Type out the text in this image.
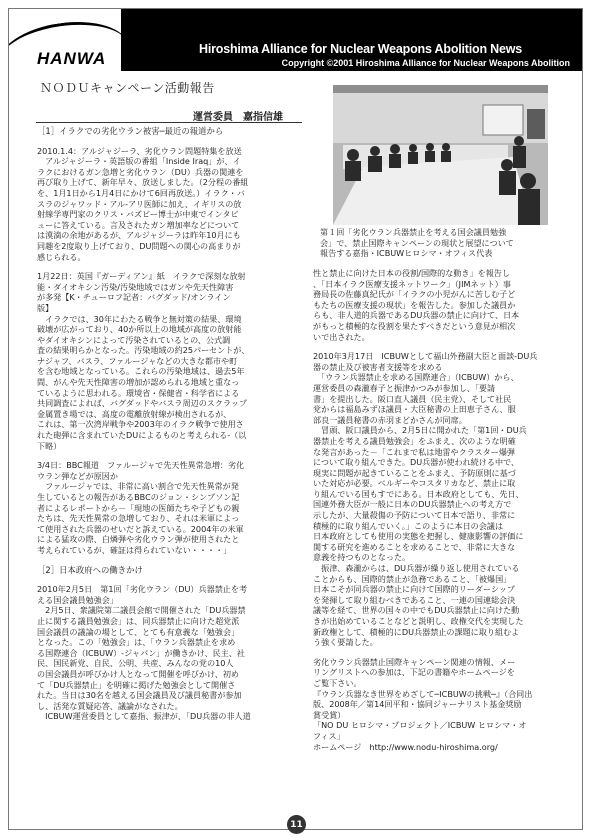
HANWA	Hiroshima Alliance for Nuclear Weapons Abolition News
Copyright ©2001 Hiroshima Alliance for Nuclear Weapons Abolition
ＮＯＤＵキャンペーン活動報告
運営委員　嘉指信雄

［1］イラクでの劣化ウラン被害─最近の報道から

2010.1.4：アルジャジーラ、劣化ウラン問題特集を放送

　アルジャジーラ・英語版の番組「Inside Iraq」が、イ

ラクにおけるガン急増と劣化ウラン（DU）兵器の関連を

再び取り上げて、新年早々、放送しました。（2分程の番組

を、1月1日から1月4日にかけて6回再放送。）イラク・バ

スラのジャワッド・アル-アリ医師に加え、イギリスの放

射線学専門家のクリス・バズビー博士が中東でインタビ

ューに答えている。言及されたガン増加率などについて

は漠滴の余地があるが、アルジャジーラは昨年10月にも

同趣を2度取り上げており、DU問題への関心の高まりが

感じられる。

1月22日：英国『ガーディアン』紙　イラクで深刻な放射

能・ダイオキシン汚染/汚染地域ではガンや先天性障害

が多発【K・チューロフ記者：バグダッド/オンライン

版】

　イラクでは、30年にわたる戦争と無対策の結果、環境

破壊が広がっており、40か所以上の地域が高度の放射能

やダイオキシンによって汚染されているとの、公式調

査の結果明らかとなった。汚染地域の約25パーセントが、

ナジャフ、バスラ、ファルージャなどの大きな都市や町

を含む地域となっている。これらの汚染地域は、過去5年

間、がんや先天性障害の増加が認められる地域と重なっ

ているように思われる。環境省・保健省・科学省による

共同調査によれば、バグダッドやバスラ周辺のスクラップ

金属置き場では、高度の電離放射線が検出されるが、

これは、第一次湾岸戦争や2003年のイラク戦争で使用さ

れた砲弾に含まれていたDUによるものと考えられる-（以

下略）

3/4日：BBC報道　ファルージャで先天性異常急増：劣化

ウラン弾などが原因か

　ファルージャでは、非常に高い割合で先天性異常が発

生しているとの報告があるBBCのジョン・シンプソン記

者によるレポートから－「現地の医師たちや子どもの親

たちは、先天性異常の急増しており、それは米軍によっ

て使用された兵器のせいだと訴えている。2004年の米軍

による猛攻の際、白燐弾や劣化ウラン弾が使用されたと

考えられているが、確証は得られていない・・・・」

［2］日本政府への働きかけ

2010年2月5日　第1回「劣化ウラン（DU）兵器禁止を考

える国会議員勉強会」

　2月5日、衆議院第二議員会館で開催された「DU兵器禁

止に関する議員勉強会」は、同兵器禁止に向けた超党派

国会議員の議論の場として、とても有意義な「勉強会」

となった。この「勉強会」は、「ウラン兵器禁止を求め

る国際連合（ICBUW）-ジャパン」が働きかけ、民主、社

民、国民新党、自民、公明、共産、みんなの党の10人

の国会議員が呼びかけ人となって開催を呼びかけ、初め

て「DU兵器禁止」を明確に掲げた勉強会として開催さ

れた。当日は30名を越える国会議員及び議員秘書が参加

し、活発な質疑応答、議論がなされた。

　ICBUW運営委員として嘉指、振津が、「DU兵器の非人道

第１回「劣化ウラン兵器禁止を考える国会議員勉強

会」で、禁止国際キャンペーンの現状と展望について

報告する嘉指・ICBUWヒロシマ・オフィス代表

性と禁止に向けた日本の役割/国際的な動き」を報告し

、「日本イラク医療支援ネットワーク」（JIMネット）事

務局長の佐藤真紀氏が「イラクの小児がんに苦しむ子ど

もたちの医療支援の現状」を報告した。参加した議員か

らも、非人道的兵器であるDU兵器の禁止に向けて、日本

がもっと積極的な役割を果たすべきだという意見が相次

いで出された。

2010年3月17日　ICBUWとして福山外務副大臣と面談-DU兵

器の禁止及び被害者支援等を求める

　「ウラン兵器禁止を求める国際連合」（ICBUW）から、

運営委員の森瀧春子と振津かつみが参加し、「要請

書」を提出した。阪口直人議員（民主党）、そして社民

党からは福島みずほ議員・大臣秘書の上田恵子さん、服

部良一議員秘書の赤羽まどかさんが同席。

　冒頭、阪口議員から、2月5日に開かれた「第1回・DU兵

器禁止を考える議員勉強会」をふまえ、次のような明確

な発言があった－「これまで私は地雷やクラスター爆弾

について取り組んできた。DU兵器が使われ続ける中で、

現実に問題が起きていることをふまえ、予防原則に基づ

いた対応が必要。ベルギーやコスタリカなど、禁止に取

り組んでいる国もすでにある。日本政府としても、先日、

国連外務大臣が一般に日本のDU兵器禁止への考え方で

示したが、大量殺傷の予防について日本で語り、非常に

積極的に取り組んでいく。」このように本日の会議は

日本政府としても使用の実態を把握し、健康影響の評価に

関する研究を進めることを求めることで、非常に大きな

意義を持つものとなった。

　振津、森瀧からは、DU兵器が繰り返し使用されている

ことからも、国際的禁止が急務であること、「被爆国」

日本こそが同兵器の禁止に向けて国際的リーダーシップ

を発揮して取り組むべきであること、一連の国連総会決

議等を経て、世界の国々の中でもDU兵器禁止に向けた動

きが出始めていることなどと説明し、政権交代を実現した

新政権として、積極的にDU兵器禁止の課題に取り組むよ

う強く要請した。

劣化ウラン兵器禁止国際キャンペーン関連の情報、メー

リングリストへの参加は、下記の書籍やホームページを

ご覧下さい。

『ウラン兵器なき世界をめざして─ICBUWの挑戦─』（合同出

版、2008年／第14回平和・協同ジャーナリスト基金奨励

賞受賞）

「NO DU ヒロシマ・プロジェクト／ICBUW ヒロシマ・オ

フィス」

ホームページ　http://www.nodu-hiroshima.org/

11
